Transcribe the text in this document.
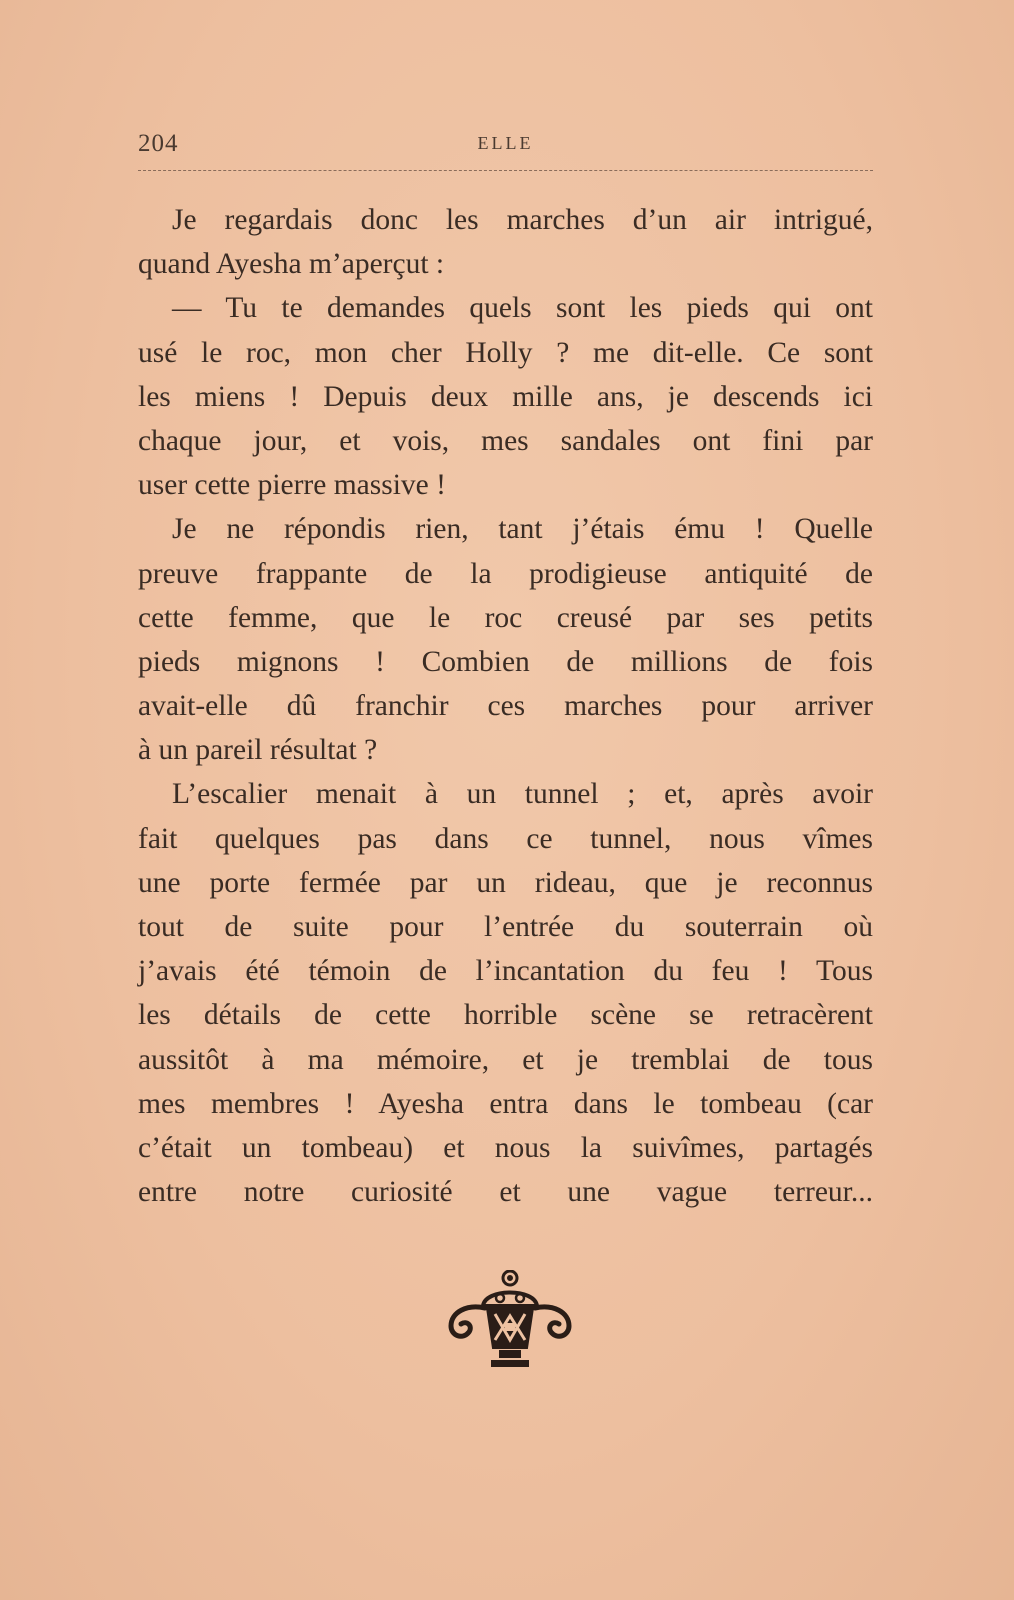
204	ELLE
Je regardais donc les marches d’un air intrigué,
quand Ayesha m’aperçut :
— Tu te demandes quels sont les pieds qui ont
usé le roc, mon cher Holly ? me dit-elle. Ce sont
les miens ! Depuis deux mille ans, je descends ici
chaque jour, et vois, mes sandales ont fini par
user cette pierre massive !
Je ne répondis rien, tant j’étais ému ! Quelle
preuve frappante de la prodigieuse antiquité de
cette femme, que le roc creusé par ses petits
pieds mignons ! Combien de millions de fois
avait-elle dû franchir ces marches pour arriver
à un pareil résultat ?
L’escalier menait à un tunnel ; et, après avoir
fait quelques pas dans ce tunnel, nous vîmes
une porte fermée par un rideau, que je reconnus
tout de suite pour l’entrée du souterrain où
j’avais été témoin de l’incantation du feu ! Tous
les détails de cette horrible scène se retracèrent
aussitôt à ma mémoire, et je tremblai de tous
mes membres ! Ayesha entra dans le tombeau (car
c’était un tombeau) et nous la suivîmes, partagés
entre notre curiosité et une vague terreur...
